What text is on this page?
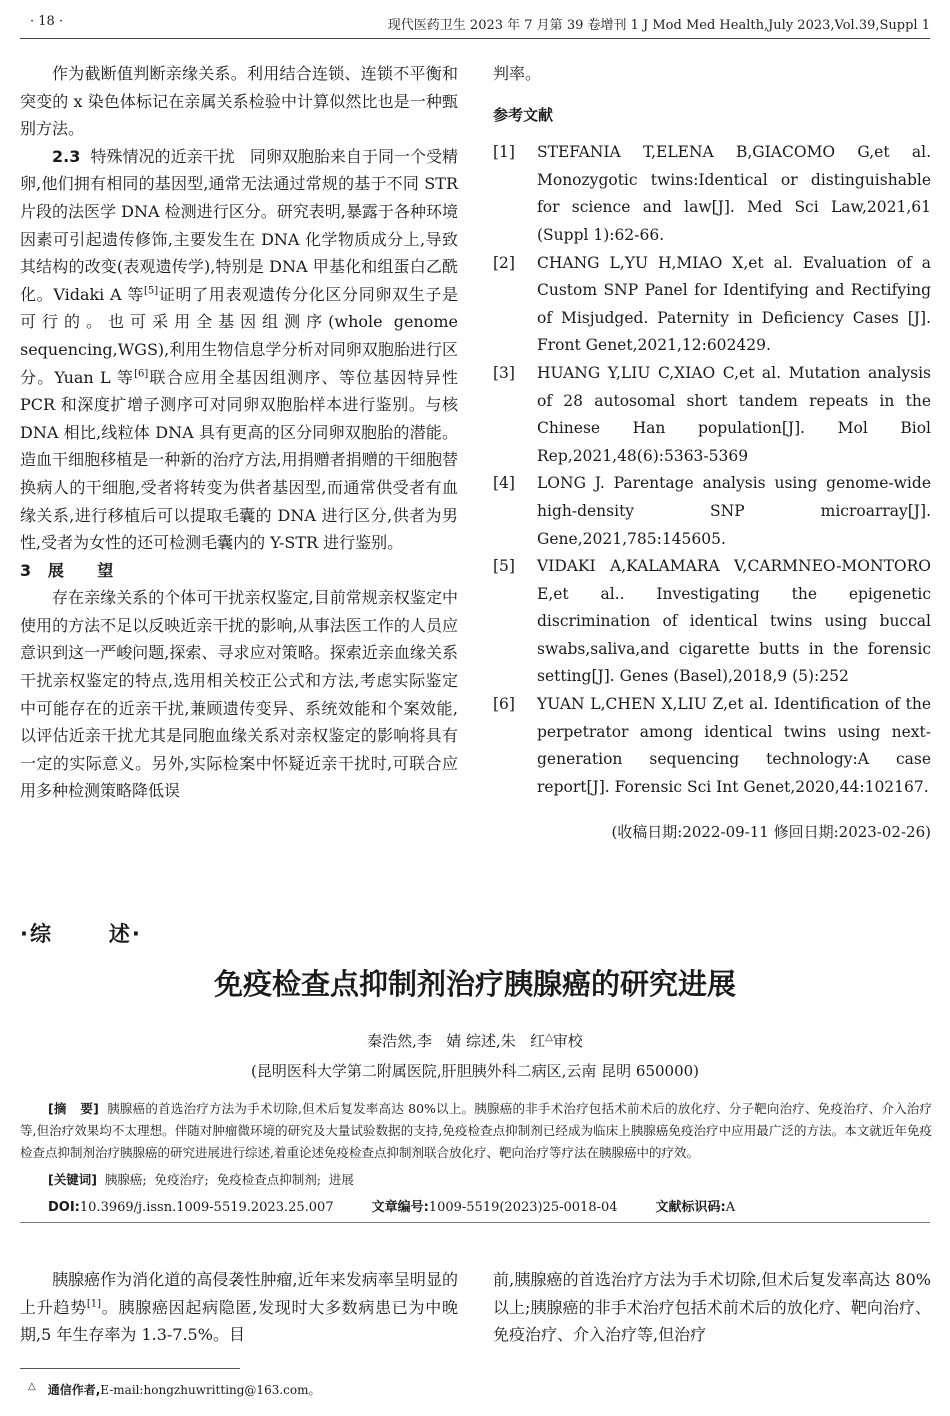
· 18 ·	现代医药卫生 2023 年 7 月第 39 卷增刊 1 J Mod Med Health,July 2023,Vol.39,Suppl 1

作为截断值判断亲缘关系。利用结合连锁、连锁不平衡和突变的 x 染色体标记在亲属关系检验中计算似然比也是一种甄别方法。

2.3 特殊情况的近亲干扰 同卵双胞胎来自于同一个受精卵,他们拥有相同的基因型,通常无法通过常规的基于不同 STR 片段的法医学 DNA 检测进行区分。研究表明,暴露于各种环境因素可引起遗传修饰,主要发生在 DNA 化学物质成分上,导致其结构的改变(表观遗传学),特别是 DNA 甲基化和组蛋白乙酰化。Vidaki A 等[5]证明了用表观遗传分化区分同卵双生子是可行的。也可采用全基因组测序(whole genome sequencing,WGS),利用生物信息学分析对同卵双胞胎进行区分。Yuan L 等[6]联合应用全基因组测序、等位基因特异性 PCR 和深度扩增子测序可对同卵双胞胎样本进行鉴别。与核 DNA 相比,线粒体 DNA 具有更高的区分同卵双胞胎的潜能。造血干细胞移植是一种新的治疗方法,用捐赠者捐赠的干细胞替换病人的干细胞,受者将转变为供者基因型,而通常供受者有血缘关系,进行移植后可以提取毛囊的 DNA 进行区分,供者为男性,受者为女性的还可检测毛囊内的 Y-STR 进行鉴别。

3   展      望

存在亲缘关系的个体可干扰亲权鉴定,目前常规亲权鉴定中使用的方法不足以反映近亲干扰的影响,从事法医工作的人员应意识到这一严峻问题,探索、寻求应对策略。探索近亲血缘关系干扰亲权鉴定的特点,选用相关校正公式和方法,考虑实际鉴定中可能存在的近亲干扰,兼顾遗传变异、系统效能和个案效能,以评估近亲干扰尤其是同胞血缘关系对亲权鉴定的影响将具有一定的实际意义。另外,实际检案中怀疑近亲干扰时,可联合应用多种检测策略降低误

判率。

参考文献
[1]	STEFANIA T,ELENA B,GIACOMO G,et al. Monozygotic twins:Identical or distinguishable for science and law[J]. Med Sci Law,2021,61 (Suppl 1):62-66.
[2]	CHANG L,YU H,MIAO X,et al. Evaluation of a Custom SNP Panel for Identifying and Rectifying of Misjudged. Paternity in Deficiency Cases [J]. Front Genet,2021,12:602429.
[3]	HUANG Y,LIU C,XIAO C,et al. Mutation analysis of 28 autosomal short tandem repeats in the Chinese Han population[J]. Mol Biol Rep,2021,48(6):5363-5369
[4]	LONG J. Parentage analysis using genome-wide high-density SNP microarray[J]. Gene,2021,785:145605.
[5]	VIDAKI A,KALAMARA V,CARMNEO-MONTORO E,et al.. Investigating the epigenetic discrimination of identical twins using buccal swabs,saliva,and cigarette butts in the forensic setting[J]. Genes (Basel),2018,9 (5):252
[6]	YUAN L,CHEN X,LIU Z,et al. Identification of the perpetrator among identical twins using next-generation sequencing technology:A case report[J]. Forensic Sci Int Genet,2020,44:102167.
(收稿日期:2022-09-11 修回日期:2023-02-26)
·综      述·
免疫检查点抑制剂治疗胰腺癌的研究进展
秦浩然,李   婧 综述,朱   红△审校
(昆明医科大学第二附属医院,肝胆胰外科二病区,云南 昆明 650000)
[摘   要] 胰腺癌的首选治疗方法为手术切除,但术后复发率高达 80%以上。胰腺癌的非手术治疗包括术前术后的放化疗、分子靶向治疗、免疫治疗、介入治疗等,但治疗效果均不太理想。伴随对肿瘤微环境的研究及大量试验数据的支持,免疫检查点抑制剂已经成为临床上胰腺癌免疫治疗中应用最广泛的方法。本文就近年免疫检查点抑制剂治疗胰腺癌的研究进展进行综述,着重论述免疫检查点抑制剂联合放化疗、靶向治疗等疗法在胰腺癌中的疗效。
[关键词] 胰腺癌;  免疫治疗;  免疫检查点抑制剂;  进展
DOI:10.3969/j.issn.1009-5519.2023.25.007	文章编号:1009-5519(2023)25-0018-04	文献标识码:A

胰腺癌作为消化道的高侵袭性肿瘤,近年来发病率呈明显的上升趋势[1]。胰腺癌因起病隐匿,发现时大多数病患已为中晚期,5 年生存率为 1.3-7.5%。目

前,胰腺癌的首选治疗方法为手术切除,但术后复发率高达 80%以上;胰腺癌的非手术治疗包括术前术后的放化疗、靶向治疗、免疫治疗、介入治疗等,但治疗
△ 通信作者,E-mail:hongzhuwritting@163.com。
